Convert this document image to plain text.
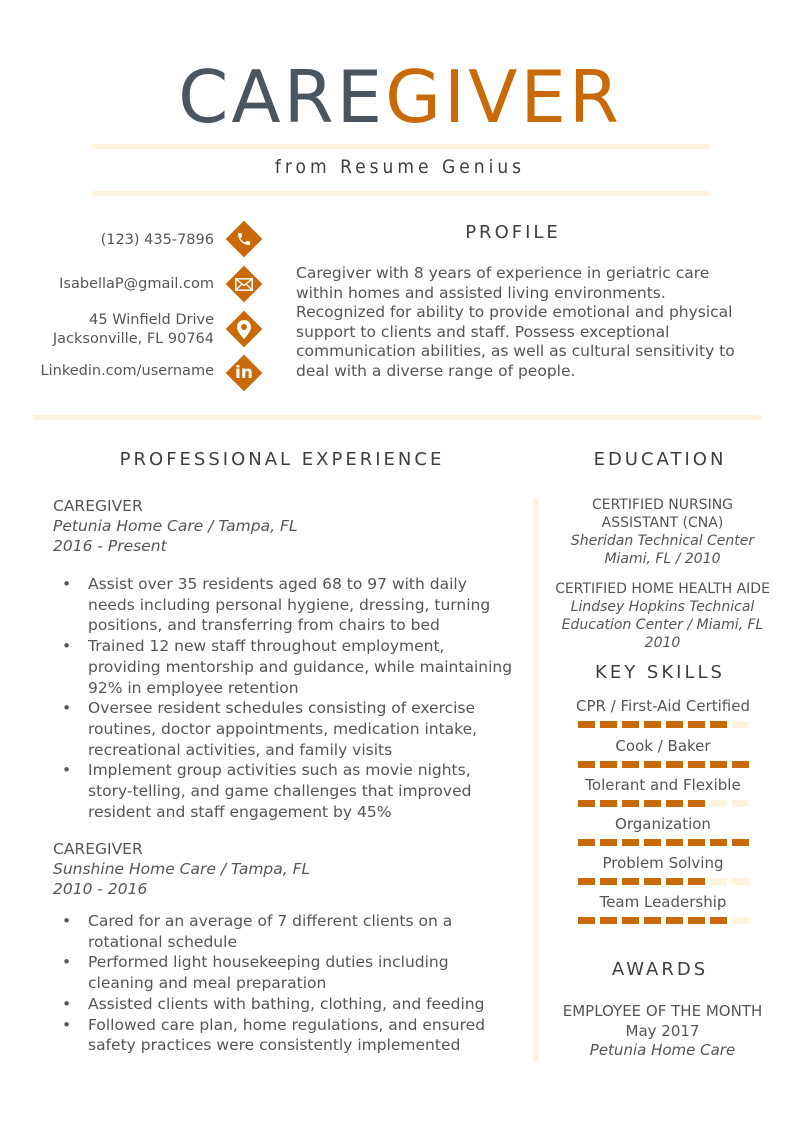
CAREGIVER
from Resume Genius
(123) 435-7896
IsabellaP@gmail.com
45 Winfield Drive
Jacksonville, FL 90764
Linkedin.com/username	in
PROFILE
Caregiver with 8 years of experience in geriatric care within homes and assisted living environments. Recognized for ability to provide emotional and physical support to clients and staff. Possess exceptional communication abilities, as well as cultural sensitivity to deal with a diverse range of people.
PROFESSIONAL EXPERIENCE
CAREGIVER
Petunia Home Care / Tampa, FL
2016 - Present
• Assist over 35 residents aged 68 to 97 with daily needs including personal hygiene, dressing, turning positions, and transferring from chairs to bed
• Trained 12 new staff throughout employment, providing mentorship and guidance, while maintaining 92% in employee retention
• Oversee resident schedules consisting of exercise routines, doctor appointments, medication intake, recreational activities, and family visits
• Implement group activities such as movie nights, story-telling, and game challenges that improved resident and staff engagement by 45%
CAREGIVER
Sunshine Home Care / Tampa, FL
2010 - 2016
• Cared for an average of 7 different clients on a rotational schedule
• Performed light housekeeping duties including cleaning and meal preparation
• Assisted clients with bathing, clothing, and feeding
• Followed care plan, home regulations, and ensured safety practices were consistently implemented
EDUCATION
CERTIFIED NURSING
ASSISTANT (CNA)
Sheridan Technical Center
Miami, FL / 2010
CERTIFIED HOME HEALTH AIDE
Lindsey Hopkins Technical
Education Center / Miami, FL
2010
KEY SKILLS
CPR / First-Aid Certified
Cook / Baker
Tolerant and Flexible
Organization
Problem Solving
Team Leadership
AWARDS
EMPLOYEE OF THE MONTH
May 2017
Petunia Home Care
